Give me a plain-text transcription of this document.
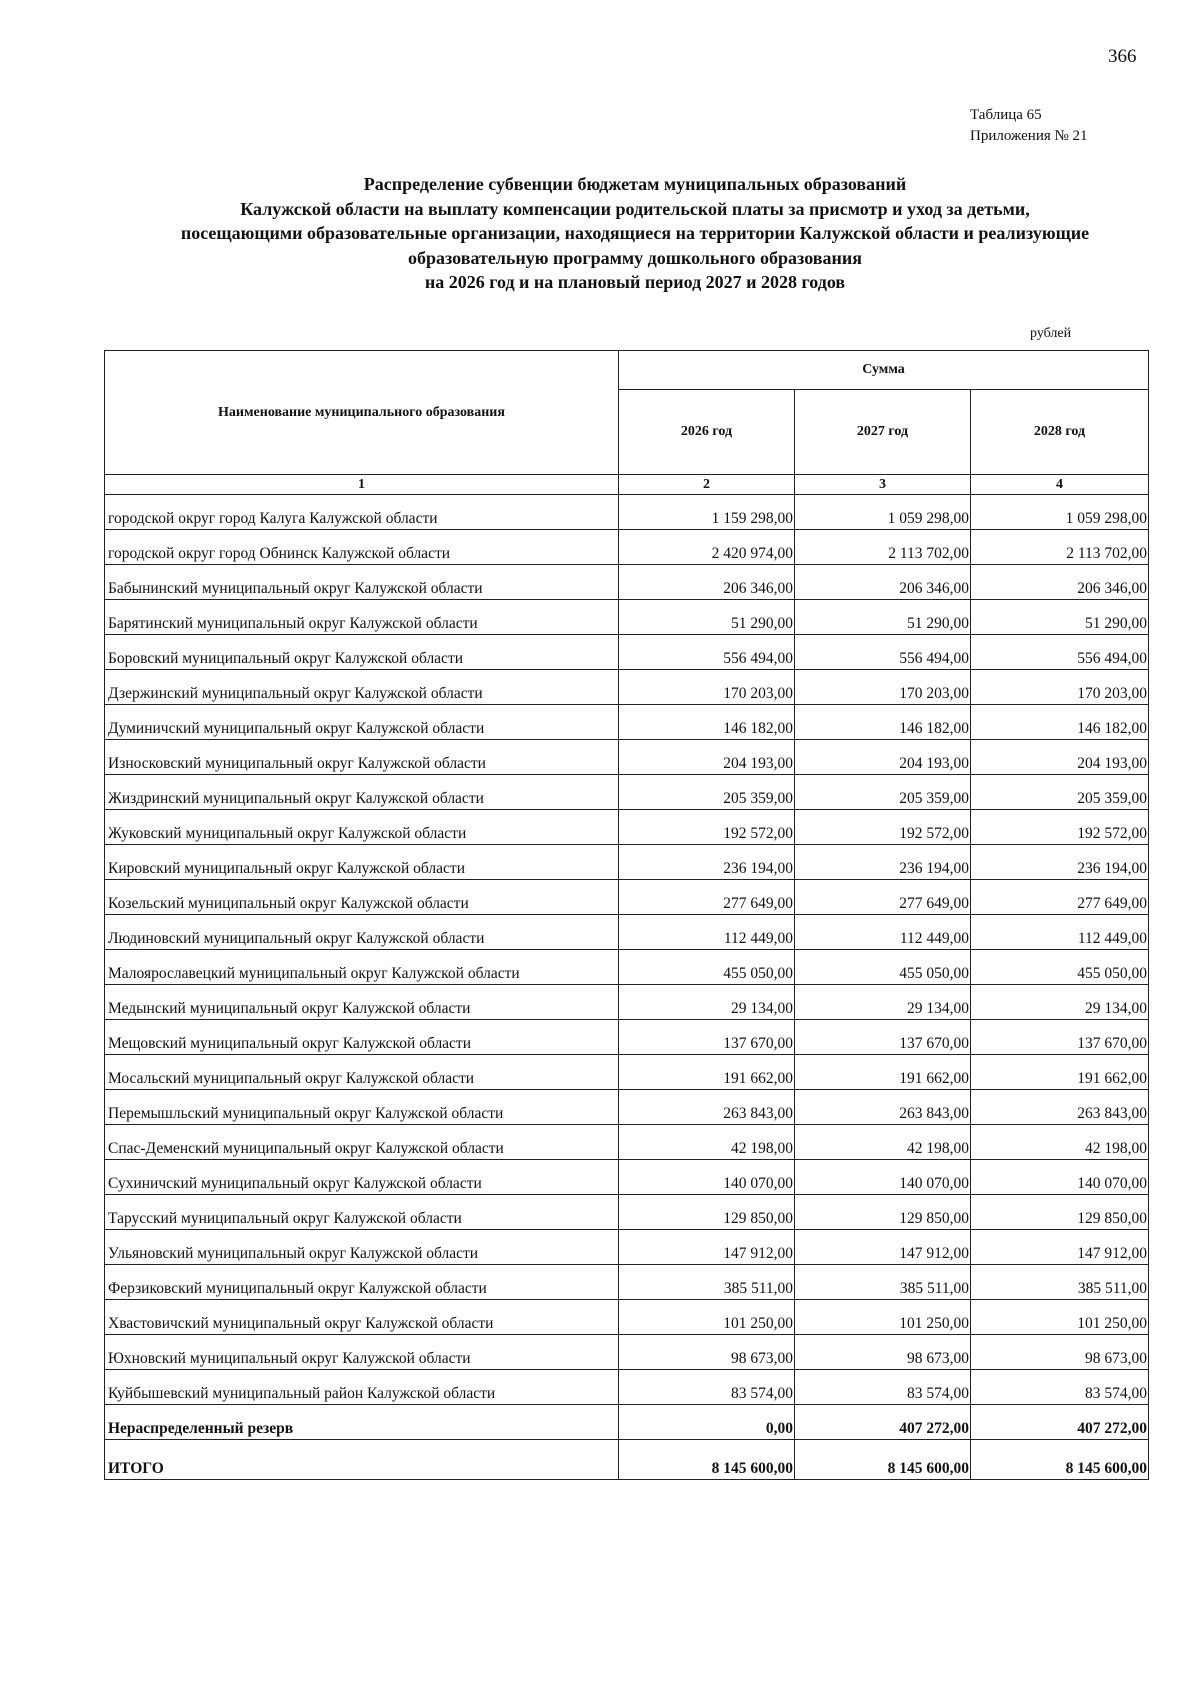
366
Таблица 65
Приложения № 21
Распределение субвенции бюджетам муниципальных образований
Калужской области на выплату компенсации родительской платы за присмотр и уход за детьми,
посещающими образовательные организации, находящиеся на территории Калужской области и реализующие
образовательную программу дошкольного образования
на 2026 год и на плановый период 2027 и 2028 годов
рублей
Наименование муниципального образования	Сумма		
	2026 год	2027 год	2028 год
1	2	3	4
городской округ город Калуга Калужской области	1 159 298,00	1 059 298,00	1 059 298,00
городской округ город Обнинск Калужской области	2 420 974,00	2 113 702,00	2 113 702,00
Бабынинский муниципальный округ Калужской области	206 346,00	206 346,00	206 346,00
Барятинский муниципальный округ Калужской области	51 290,00	51 290,00	51 290,00
Боровский муниципальный округ Калужской области	556 494,00	556 494,00	556 494,00
Дзержинский муниципальный округ Калужской области	170 203,00	170 203,00	170 203,00
Думиничский муниципальный округ Калужской области	146 182,00	146 182,00	146 182,00
Износковский муниципальный округ Калужской области	204 193,00	204 193,00	204 193,00
Жиздринский муниципальный округ Калужской области	205 359,00	205 359,00	205 359,00
Жуковский муниципальный округ Калужской области	192 572,00	192 572,00	192 572,00
Кировский муниципальный округ Калужской области	236 194,00	236 194,00	236 194,00
Козельский муниципальный округ Калужской области	277 649,00	277 649,00	277 649,00
Людиновский муниципальный округ Калужской области	112 449,00	112 449,00	112 449,00
Малоярославецкий муниципальный округ Калужской области	455 050,00	455 050,00	455 050,00
Медынский муниципальный округ Калужской области	29 134,00	29 134,00	29 134,00
Мещовский муниципальный округ Калужской области	137 670,00	137 670,00	137 670,00
Мосальский муниципальный округ Калужской области	191 662,00	191 662,00	191 662,00
Перемышльский муниципальный округ Калужской области	263 843,00	263 843,00	263 843,00
Спас-Деменский муниципальный округ Калужской области	42 198,00	42 198,00	42 198,00
Сухиничский муниципальный округ Калужской области	140 070,00	140 070,00	140 070,00
Тарусский муниципальный округ Калужской области	129 850,00	129 850,00	129 850,00
Ульяновский муниципальный округ Калужской области	147 912,00	147 912,00	147 912,00
Ферзиковский муниципальный округ Калужской области	385 511,00	385 511,00	385 511,00
Хвастовичский муниципальный округ Калужской области	101 250,00	101 250,00	101 250,00
Юхновский муниципальный округ Калужской области	98 673,00	98 673,00	98 673,00
Куйбышевский муниципальный район Калужской области	83 574,00	83 574,00	83 574,00
Нераспределенный резерв	0,00	407 272,00	407 272,00
ИТОГО	8 145 600,00	8 145 600,00	8 145 600,00
